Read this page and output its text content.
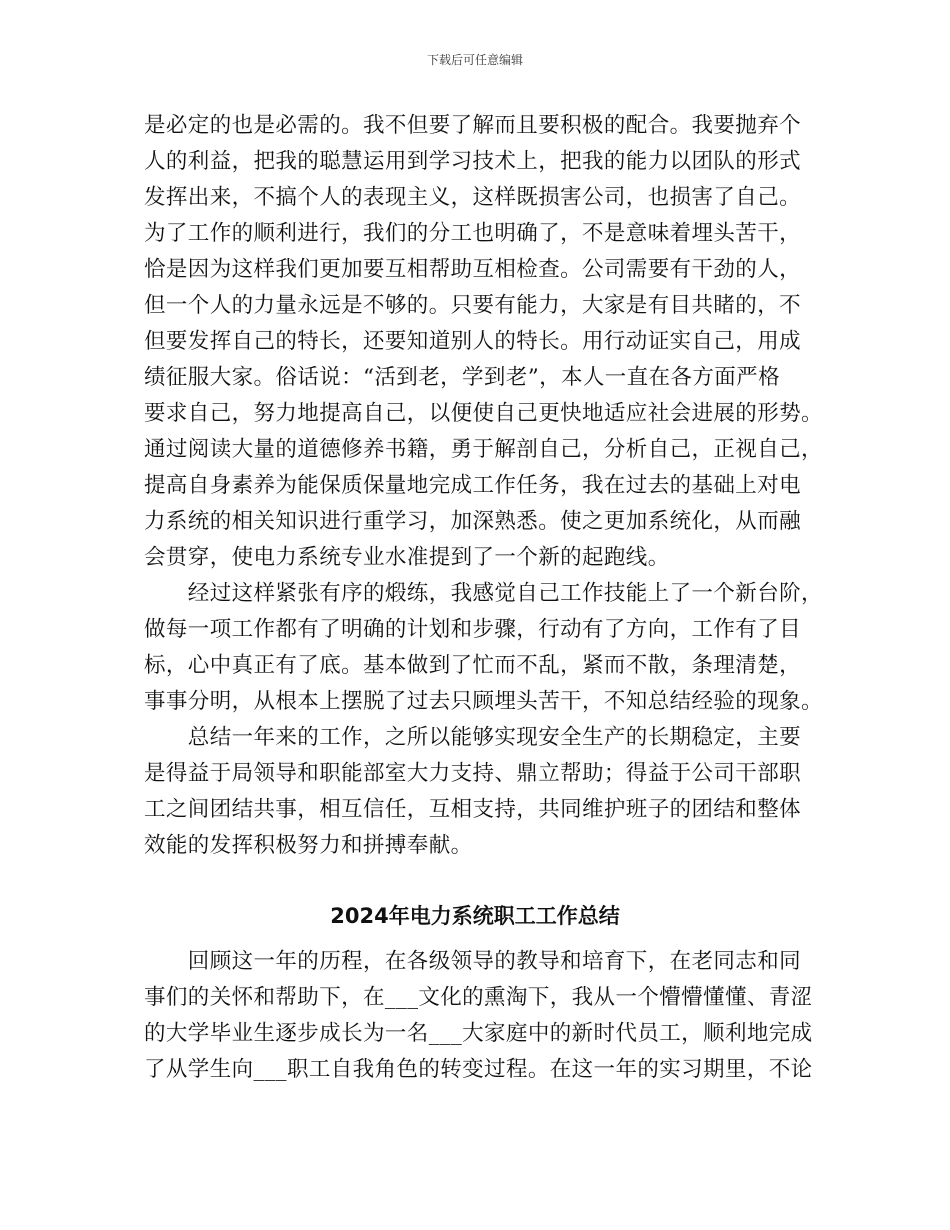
下载后可任意编辑
是必定的也是必需的。我不但要了解而且要积极的配合。我要抛弃个
人的利益，把我的聪慧运用到学习技术上，把我的能力以团队的形式
发挥出来，不搞个人的表现主义，这样既损害公司，也损害了自己。
为了工作的顺利进行，我们的分工也明确了，不是意味着埋头苦干，
恰是因为这样我们更加要互相帮助互相检查。公司需要有干劲的人，
但一个人的力量永远是不够的。只要有能力，大家是有目共睹的，不
但要发挥自己的特长，还要知道别人的特长。用行动证实自己，用成
绩征服大家。俗话说：“活到老，学到老”，本人一直在各方面严格
要求自己，努力地提高自己，以便使自己更快地适应社会进展的形势。
通过阅读大量的道德修养书籍，勇于解剖自己，分析自己，正视自己，
提高自身素养为能保质保量地完成工作任务，我在过去的基础上对电
力系统的相关知识进行重学习，加深熟悉。使之更加系统化，从而融
会贯穿，使电力系统专业水准提到了一个新的起跑线。
　　经过这样紧张有序的煅练，我感觉自己工作技能上了一个新台阶，
做每一项工作都有了明确的计划和步骤，行动有了方向，工作有了目
标，心中真正有了底。基本做到了忙而不乱，紧而不散，条理清楚，
事事分明，从根本上摆脱了过去只顾埋头苦干，不知总结经验的现象。
　　总结一年来的工作，之所以能够实现安全生产的长期稳定，主要
是得益于局领导和职能部室大力支持、鼎立帮助；得益于公司干部职
工之间团结共事，相互信任，互相支持，共同维护班子的团结和整体
效能的发挥积极努力和拼搏奉献。
2024年电力系统职工工作总结
　　回顾这一年的历程，在各级领导的教导和培育下，在老同志和同
事们的关怀和帮助下，在___文化的熏淘下，我从一个懵懵懂懂、青涩
的大学毕业生逐步成长为一名___大家庭中的新时代员工，顺利地完成
了从学生向___职工自我角色的转变过程。在这一年的实习期里，不论
